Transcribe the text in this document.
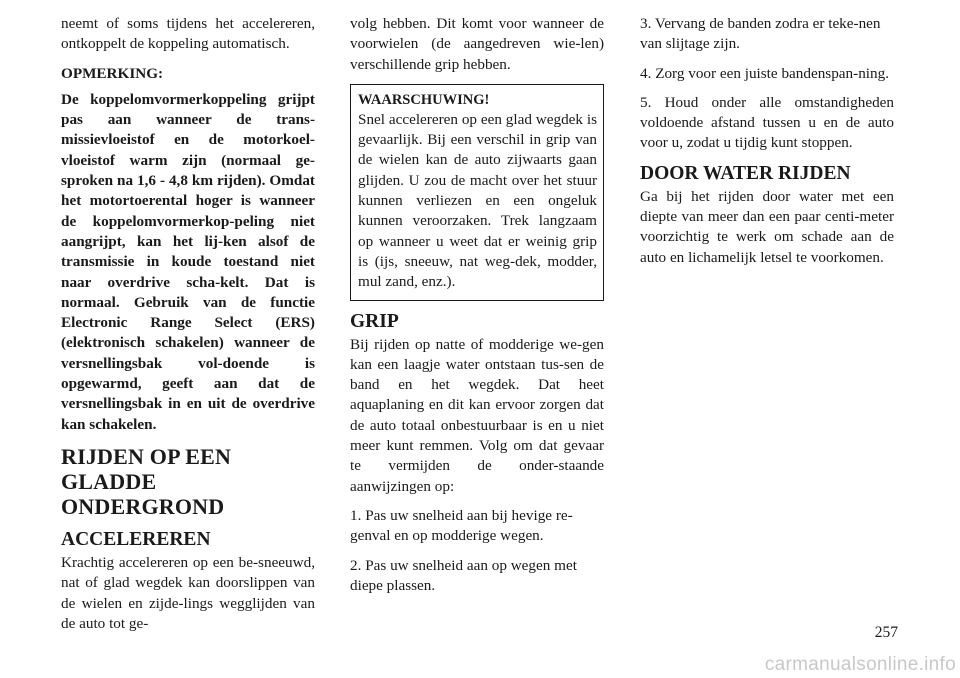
neemt of soms tijdens het accelereren, ontkoppelt de koppeling automatisch.

OPMERKING:

De koppelomvormerkoppeling grijpt pas aan wanneer de trans-missievloeistof en de motorkoel-vloeistof warm zijn (normaal ge-sproken na 1,6 - 4,8 km rijden). Omdat het motortoerental hoger is wanneer de koppelomvormerkop-peling niet aangrijpt, kan het lij-ken alsof de transmissie in koude toestand niet naar overdrive scha-kelt. Dat is normaal. Gebruik van de functie Electronic Range Select (ERS) (elektronisch schakelen) wanneer de versnellingsbak vol-doende is opgewarmd, geeft aan dat de versnellingsbak in en uit de overdrive kan schakelen.

RIJDEN OP EEN
GLADDE ONDERGROND
ACCELEREREN

Krachtig accelereren op een be-sneeuwd, nat of glad wegdek kan doorslippen van de wielen en zijde-lings wegglijden van de auto tot ge-

volg hebben. Dit komt voor wanneer de voorwielen (de aangedreven wie-len) verschillende grip hebben.

WAARSCHUWING!
Snel accelereren op een glad wegdek is gevaarlijk. Bij een verschil in grip van de wielen kan de auto zijwaarts gaan glijden. U zou de macht over het stuur kunnen verliezen en een ongeluk kunnen veroorzaken. Trek langzaam op wanneer u weet dat er weinig grip is (ijs, sneeuw, nat weg-dek, modder, mul zand, enz.).
GRIP

Bij rijden op natte of modderige we-gen kan een laagje water ontstaan tus-sen de band en het wegdek. Dat heet aquaplaning en dit kan ervoor zorgen dat de auto totaal onbestuurbaar is en u niet meer kunt remmen. Volg om dat gevaar te vermijden de onder-staande aanwijzingen op:

1. Pas uw snelheid aan bij hevige re-genval en op modderige wegen.

2. Pas uw snelheid aan op wegen met diepe plassen.

3. Vervang de banden zodra er teke-nen van slijtage zijn.

4. Zorg voor een juiste bandenspan-ning.

5. Houd onder alle omstandigheden voldoende afstand tussen u en de auto voor u, zodat u tijdig kunt stoppen.

DOOR WATER RIJDEN

Ga bij het rijden door water met een diepte van meer dan een paar centi-meter voorzichtig te werk om schade aan de auto en lichamelijk letsel te voorkomen.

257
carmanualsonline.info
